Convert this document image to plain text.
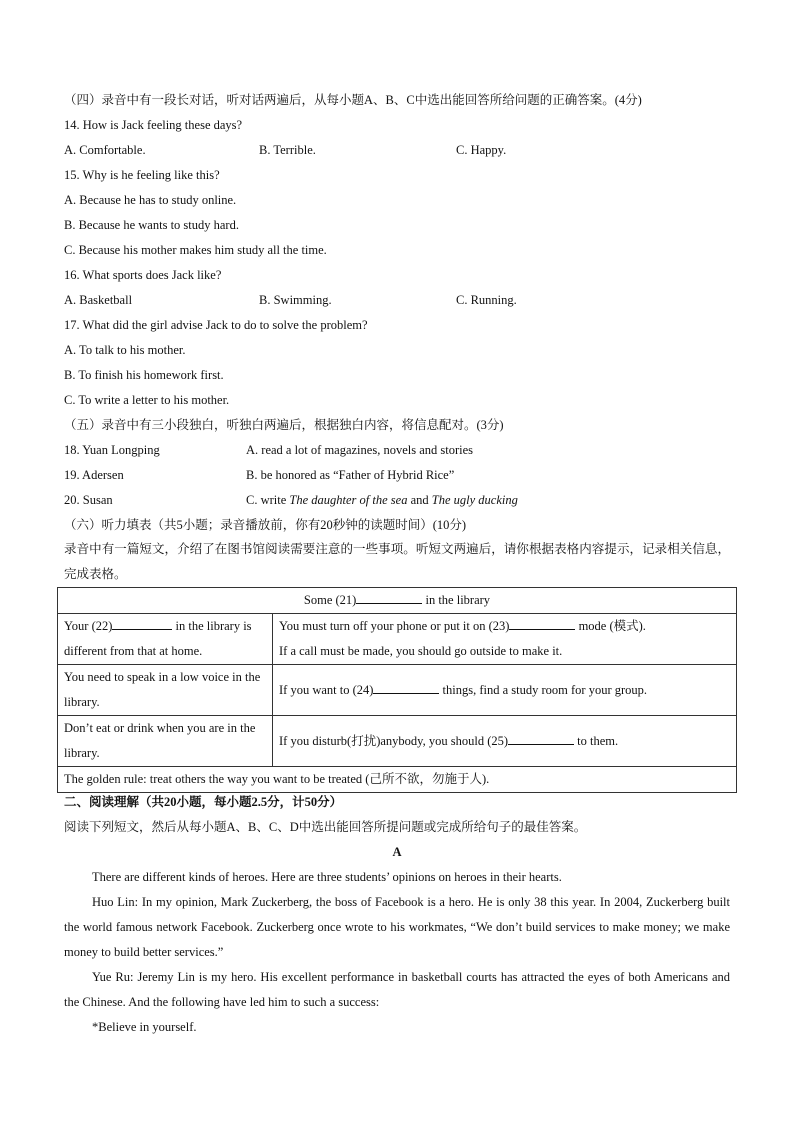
（四）录音中有一段长对话，听对话两遍后，从每小题A、B、C中选出能回答所给问题的正确答案。(4分)
14. How is Jack feeling these days?
A. Comfortable.	B. Terrible.	C. Happy.
15. Why is he feeling like this?
A. Because he has to study online.
B. Because he wants to study hard.
C. Because his mother makes him study all the time.
16. What sports does Jack like?
A. Basketball	B. Swimming.	C. Running.
17. What did the girl advise Jack to do to solve the problem?
A. To talk to his mother.
B. To finish his homework first.
C. To write a letter to his mother.
（五）录音中有三小段独白，听独白两遍后，根据独白内容，将信息配对。(3分)
18. Yuan Longping	A. read a lot of magazines, novels and stories
19. Adersen	B. be honored as “Father of Hybrid Rice”
20. Susan	C. write The daughter of the sea and The ugly ducking
（六）听力填表（共5小题；录音播放前，你有20秒钟的读题时间）(10分)
录音中有一篇短文，介绍了在图书馆阅读需要注意的一些事项。听短文两遍后，请你根据表格内容提示，记录相关信息，完成表格。
Some (21) in the library	
Your (22) in the library is different from that at home.	You must turn off your phone or put it on (23) mode (模式).
If a call must be made, you should go outside to make it.
You need to speak in a low voice in the library.	If you want to (24) things, find a study room for your group.
Don’t eat or drink when you are in the library.	If you disturb(打扰)anybody, you should (25) to them.
The golden rule: treat others the way you want to be treated (己所不欲，勿施于人).	
二、阅读理解（共20小题，每小题2.5分，计50分）
阅读下列短文，然后从每小题A、B、C、D中选出能回答所提问题或完成所给句子的最佳答案。
A
There are different kinds of heroes. Here are three students’ opinions on heroes in their hearts.
Huo Lin: In my opinion, Mark Zuckerberg, the boss of Facebook is a hero. He is only 38 this year. In 2004, Zuckerberg built the world famous network Facebook. Zuckerberg once wrote to his workmates, “We don’t build services to make money; we make money to build better services.”
Yue Ru: Jeremy Lin is my hero. His excellent performance in basketball courts has attracted the eyes of both Americans and the Chinese. And the following have led him to such a success:
*Believe in yourself.
